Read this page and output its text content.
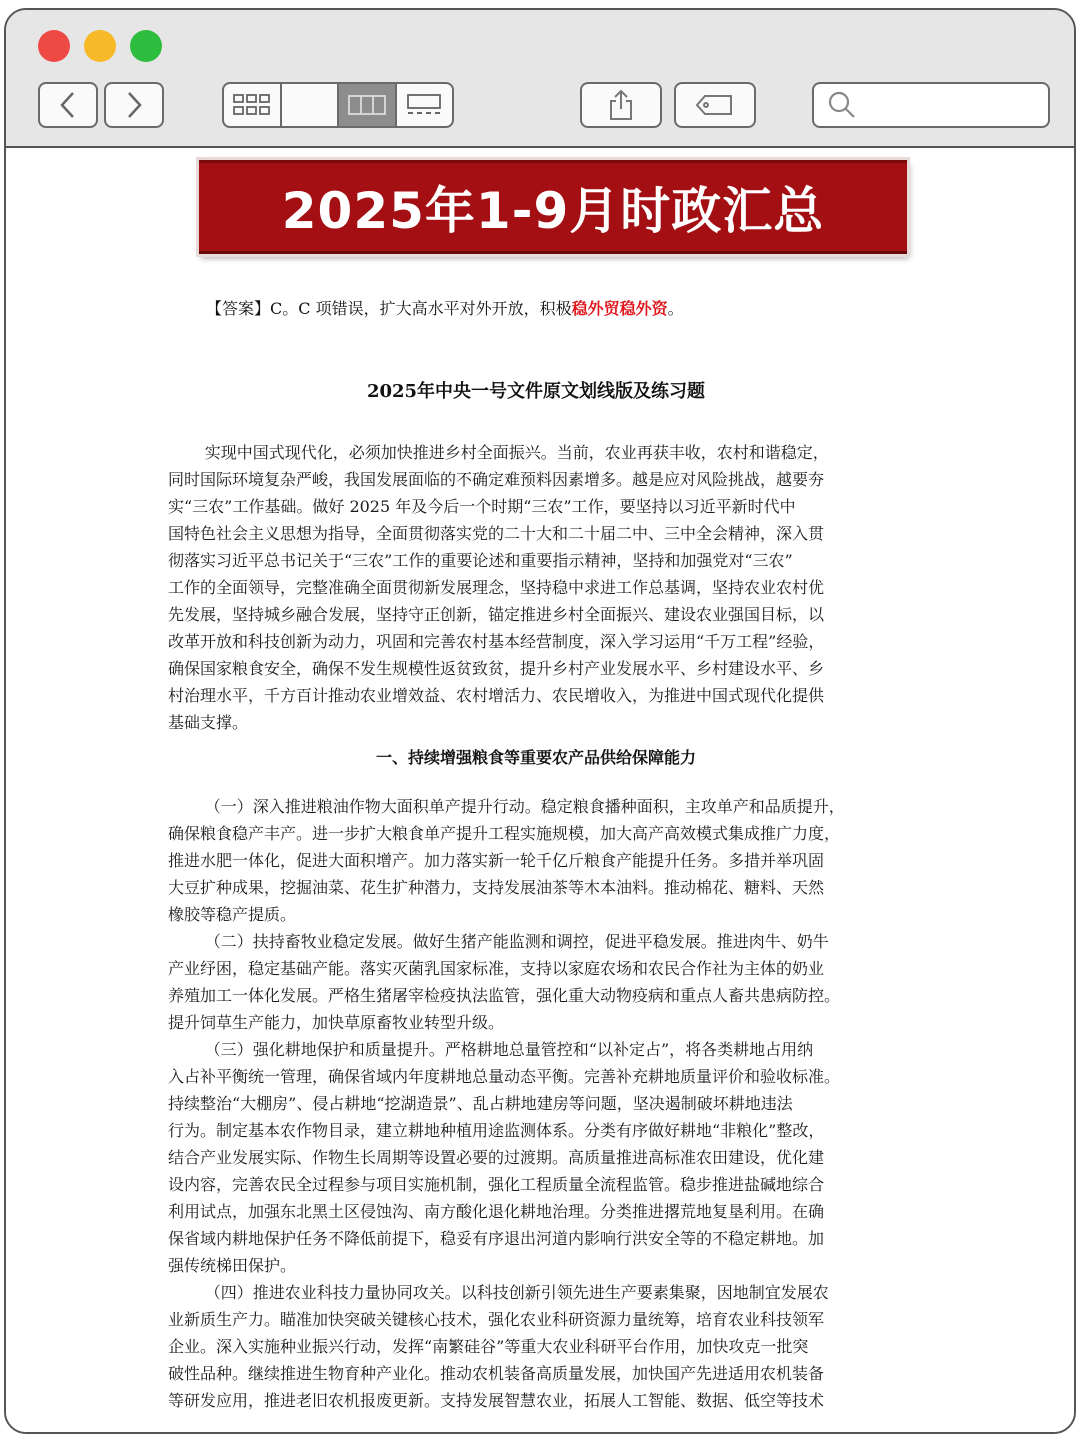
2025年1-9月时政汇总
【答案】C。C 项错误，扩大高水平对外开放，积极稳外贸稳外资。
2025年中央一号文件原文划线版及练习题

实现中国式现代化，必须加快推进乡村全面振兴。当前，农业再获丰收，农村和谐稳定，
同时国际环境复杂严峻，我国发展面临的不确定难预料因素增多。越是应对风险挑战，越要夯
实“三农”工作基础。做好 2025 年及今后一个时期“三农”工作，要坚持以习近平新时代中
国特色社会主义思想为指导，全面贯彻落实党的二十大和二十届二中、三中全会精神，深入贯
彻落实习近平总书记关于“三农”工作的重要论述和重要指示精神，坚持和加强党对“三农”
工作的全面领导，完整准确全面贯彻新发展理念，坚持稳中求进工作总基调，坚持农业农村优
先发展，坚持城乡融合发展，坚持守正创新，锚定推进乡村全面振兴、建设农业强国目标，以
改革开放和科技创新为动力，巩固和完善农村基本经营制度，深入学习运用“千万工程”经验，
确保国家粮食安全，确保不发生规模性返贫致贫，提升乡村产业发展水平、乡村建设水平、乡
村治理水平，千方百计推动农业增效益、农村增活力、农民增收入，为推进中国式现代化提供
基础支撑。

一、持续增强粮食等重要农产品供给保障能力

（一）深入推进粮油作物大面积单产提升行动。稳定粮食播种面积，主攻单产和品质提升，
确保粮食稳产丰产。进一步扩大粮食单产提升工程实施规模，加大高产高效模式集成推广力度，
推进水肥一体化，促进大面积增产。加力落实新一轮千亿斤粮食产能提升任务。多措并举巩固
大豆扩种成果，挖掘油菜、花生扩种潜力，支持发展油茶等木本油料。推动棉花、糖料、天然
橡胶等稳产提质。

（二）扶持畜牧业稳定发展。做好生猪产能监测和调控，促进平稳发展。推进肉牛、奶牛
产业纾困，稳定基础产能。落实灭菌乳国家标准，支持以家庭农场和农民合作社为主体的奶业
养殖加工一体化发展。严格生猪屠宰检疫执法监管，强化重大动物疫病和重点人畜共患病防控。
提升饲草生产能力，加快草原畜牧业转型升级。

（三）强化耕地保护和质量提升。严格耕地总量管控和“以补定占”，将各类耕地占用纳
入占补平衡统一管理，确保省域内年度耕地总量动态平衡。完善补充耕地质量评价和验收标准。
持续整治“大棚房”、侵占耕地“挖湖造景”、乱占耕地建房等问题，坚决遏制破坏耕地违法
行为。制定基本农作物目录，建立耕地种植用途监测体系。分类有序做好耕地“非粮化”整改，
结合产业发展实际、作物生长周期等设置必要的过渡期。高质量推进高标准农田建设，优化建
设内容，完善农民全过程参与项目实施机制，强化工程质量全流程监管。稳步推进盐碱地综合
利用试点，加强东北黑土区侵蚀沟、南方酸化退化耕地治理。分类推进撂荒地复垦利用。在确
保省域内耕地保护任务不降低前提下，稳妥有序退出河道内影响行洪安全等的不稳定耕地。加
强传统梯田保护。

（四）推进农业科技力量协同攻关。以科技创新引领先进生产要素集聚，因地制宜发展农
业新质生产力。瞄准加快突破关键核心技术，强化农业科研资源力量统筹，培育农业科技领军
企业。深入实施种业振兴行动，发挥“南繁硅谷”等重大农业科研平台作用，加快攻克一批突
破性品种。继续推进生物育种产业化。推动农机装备高质量发展，加快国产先进适用农机装备
等研发应用，推进老旧农机报废更新。支持发展智慧农业，拓展人工智能、数据、低空等技术
